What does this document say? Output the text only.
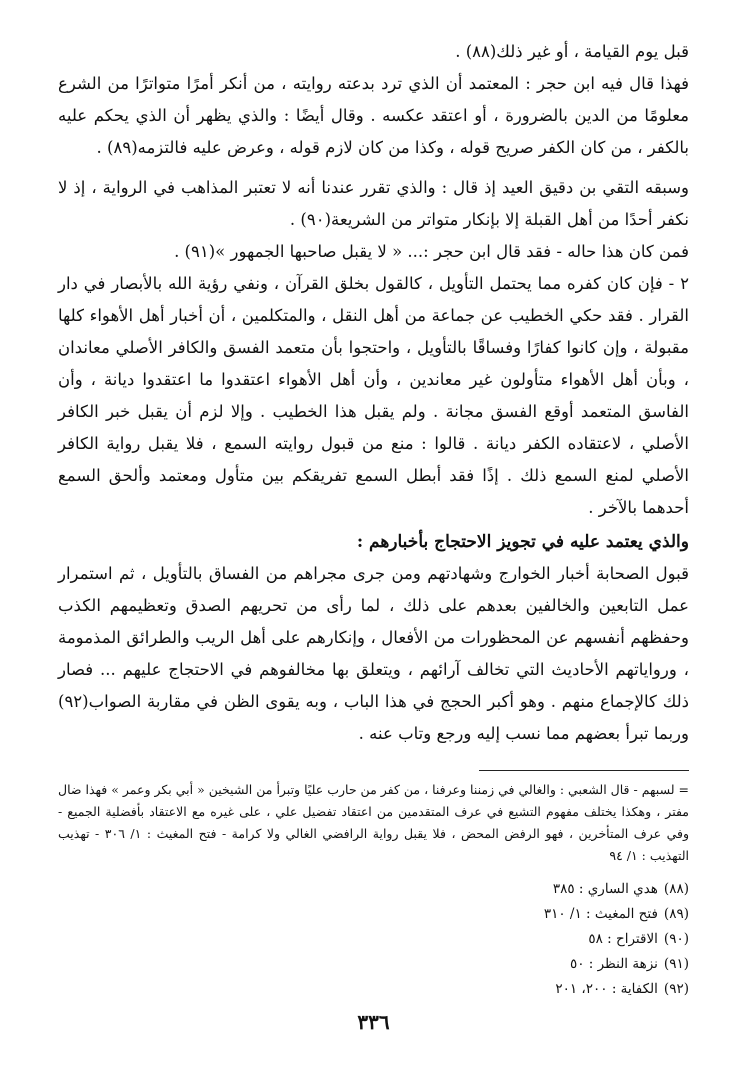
قبل يوم القيامة ، أو غير ذلك(٨٨) .

فهذا قال فيه ابن حجر : المعتمد أن الذي ترد بدعته روايته ، من أنكر أمرًا متواترًا من الشرع معلومًا من الدين بالضرورة ، أو اعتقد عكسه . وقال أيضًا : والذي يظهر أن الذي يحكم عليه بالكفر ، من كان الكفر صريح قوله ، وكذا من كان لازم قوله ، وعرض عليه فالتزمه(٨٩) .

وسبقه التقي بن دقيق العيد إذ قال : والذي تقرر عندنا أنه لا تعتبر المذاهب في الرواية ، إذ لا نكفر أحدًا من أهل القبلة إلا بإنكار متواتر من الشريعة(٩٠) .

فمن كان هذا حاله - فقد قال ابن حجر :... « لا يقبل صاحبها الجمهور »(٩١) .

٢ - فإن كان كفره مما يحتمل التأويل ، كالقول بخلق القرآن ، ونفي رؤية الله بالأبصار في دار القرار . فقد حكي الخطيب عن جماعة من أهل النقل ، والمتكلمين ، أن أخبار أهل الأهواء كلها مقبولة ، وإن كانوا كفارًا وفساقًا بالتأويل ، واحتجوا بأن متعمد الفسق والكافر الأصلي معاندان ، وبأن أهل الأهواء متأولون غير معاندين ، وأن أهل الأهواء اعتقدوا ما اعتقدوا ديانة ، وأن الفاسق المتعمد أوقع الفسق مجانة . ولم يقبل هذا الخطيب . وإلا لزم أن يقبل خبر الكافر الأصلي ، لاعتقاده الكفر ديانة . قالوا : منع من قبول روايته السمع ، فلا يقبل رواية الكافر الأصلي لمنع السمع ذلك . إذًا فقد أبطل السمع تفريقكم بين متأول ومعتمد وألحق السمع أحدهما بالآخر .

والذي يعتمد عليه في تجويز الاحتجاج بأخبارهم :

قبول الصحابة أخبار الخوارج وشهادتهم ومن جرى مجراهم من الفساق بالتأويل ، ثم استمرار عمل التابعين والخالفين بعدهم على ذلك ، لما رأى من تحريهم الصدق وتعظيمهم الكذب وحفظهم أنفسهم عن المحظورات من الأفعال ، وإنكارهم على أهل الريب والطرائق المذمومة ، ورواياتهم الأحاديث التي تخالف آرائهم ، ويتعلق بها مخالفوهم في الاحتجاج عليهم ... فصار ذلك كالإجماع منهم . وهو أكبر الحجج في هذا الباب ، وبه يقوى الظن في مقاربة الصواب(٩٢) وربما تبرأ بعضهم مما نسب إليه ورجع وتاب عنه .

= لسبهم - قال الشعبي : والغالي في زمننا وعرفنا ، من كفر من حارب عليًا وتبرأ من الشيخين « أبي بكر وعمر » فهذا ضال مفتر ، وهكذا يختلف مفهوم التشيع في عرف المتقدمين من اعتقاد تفضيل علي ، على غيره مع الاعتقاد بأفضلية الجميع - وفي عرف المتأخرين ، فهو الرفض المحض ، فلا يقبل رواية الرافضي الغالي ولا كرامة - فتح المغيث : ١/ ٣٠٦ - تهذيب التهذيب : ١/ ٩٤

(٨٨)هدي الساري : ٣٨٥

(٨٩)فتح المغيث : ١/ ٣١٠

(٩٠)الاقتراح : ٥٨

(٩١)نزهة النظر : ٥٠

(٩٢)الكفاية : ٢٠٠، ٢٠١

٣٣٦
